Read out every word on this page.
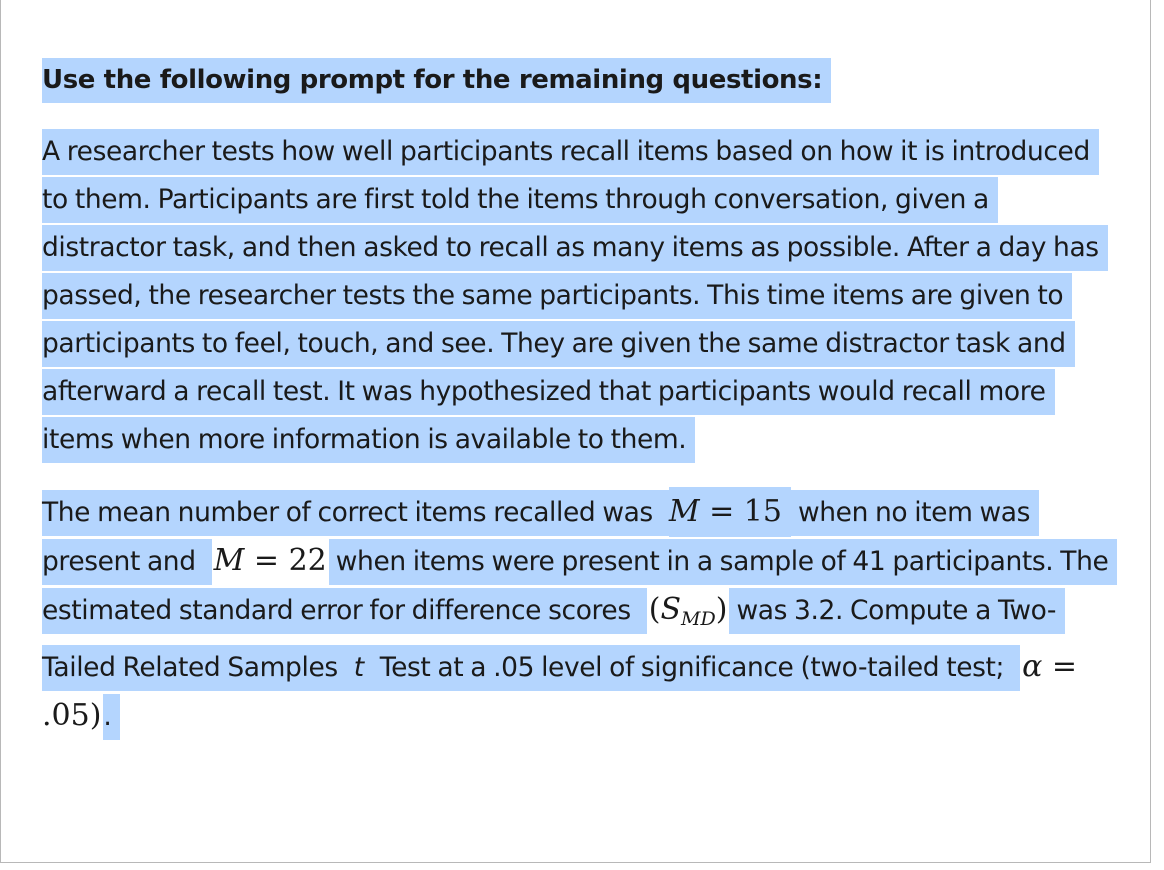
Use the following prompt for the remaining questions:

A researcher tests how well participants recall items based on how it is introduced to them. Participants are first told the items through conversation, given a distractor task, and then asked to recall as many items as possible. After a day has passed, the researcher tests the same participants. This time items are given to participants to feel, touch, and see. They are given the same distractor task and afterward a recall test. It was hypothesized that participants would recall more items when more information is available to them.

The mean number of correct items recalled was M = 15 when no item was present and M = 22 when items were present in a sample of 41 participants. The estimated standard error for difference scores $(S_{MD})$ was 3.2. Compute a Two-Tailed Related Samples t Test at a .05 level of significance (two-tailed test; α = .05).
